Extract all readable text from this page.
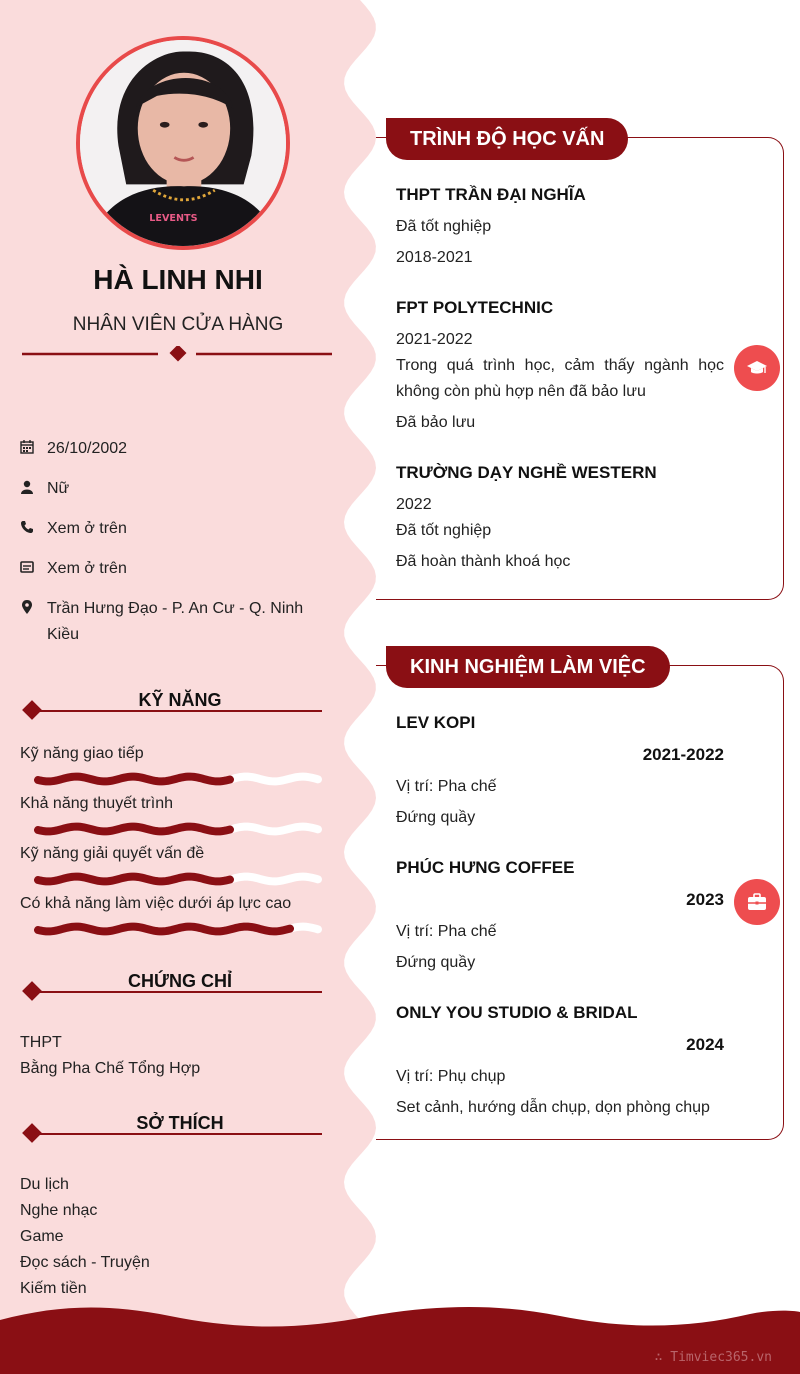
LEVENTS
HÀ LINH NHI
NHÂN VIÊN CỬA HÀNG
26/10/2002
Nữ
Xem ở trên
Xem ở trên
Trần Hưng Đạo - P. An Cư - Q. Ninh Kiều
KỸ NĂNG
Kỹ năng giao tiếp
Khả năng thuyết trình
Kỹ năng giải quyết vấn đề
Có khả năng làm việc dưới áp lực cao
CHỨNG CHỈ
THPT
Bằng Pha Chế Tổng Hợp
SỞ THÍCH
Du lịch
Nghe nhạc
Game
Đọc sách - Truyện
Kiếm tiền
TRÌNH ĐỘ HỌC VẤN
THPT TRẦN ĐẠI NGHĨA
Đã tốt nghiệp
2018-2021
FPT POLYTECHNIC
2021-2022
Trong quá trình học, cảm thấy ngành học không còn phù hợp nên đã bảo lưu
Đã bảo lưu
TRƯỜNG DẠY NGHỀ WESTERN
2022
Đã tốt nghiệp
Đã hoàn thành khoá học
KINH NGHIỆM LÀM VIỆC
LEV KOPI
2021-2022
Vị trí: Pha chế
Đứng quầy
PHÚC HƯNG COFFEE
2023
Vị trí: Pha chế
Đứng quầy
ONLY YOU STUDIO & BRIDAL
2024
Vị trí: Phụ chụp
Set cảnh, hướng dẫn chụp, dọn phòng chụp
∴ Timviec365.vn
